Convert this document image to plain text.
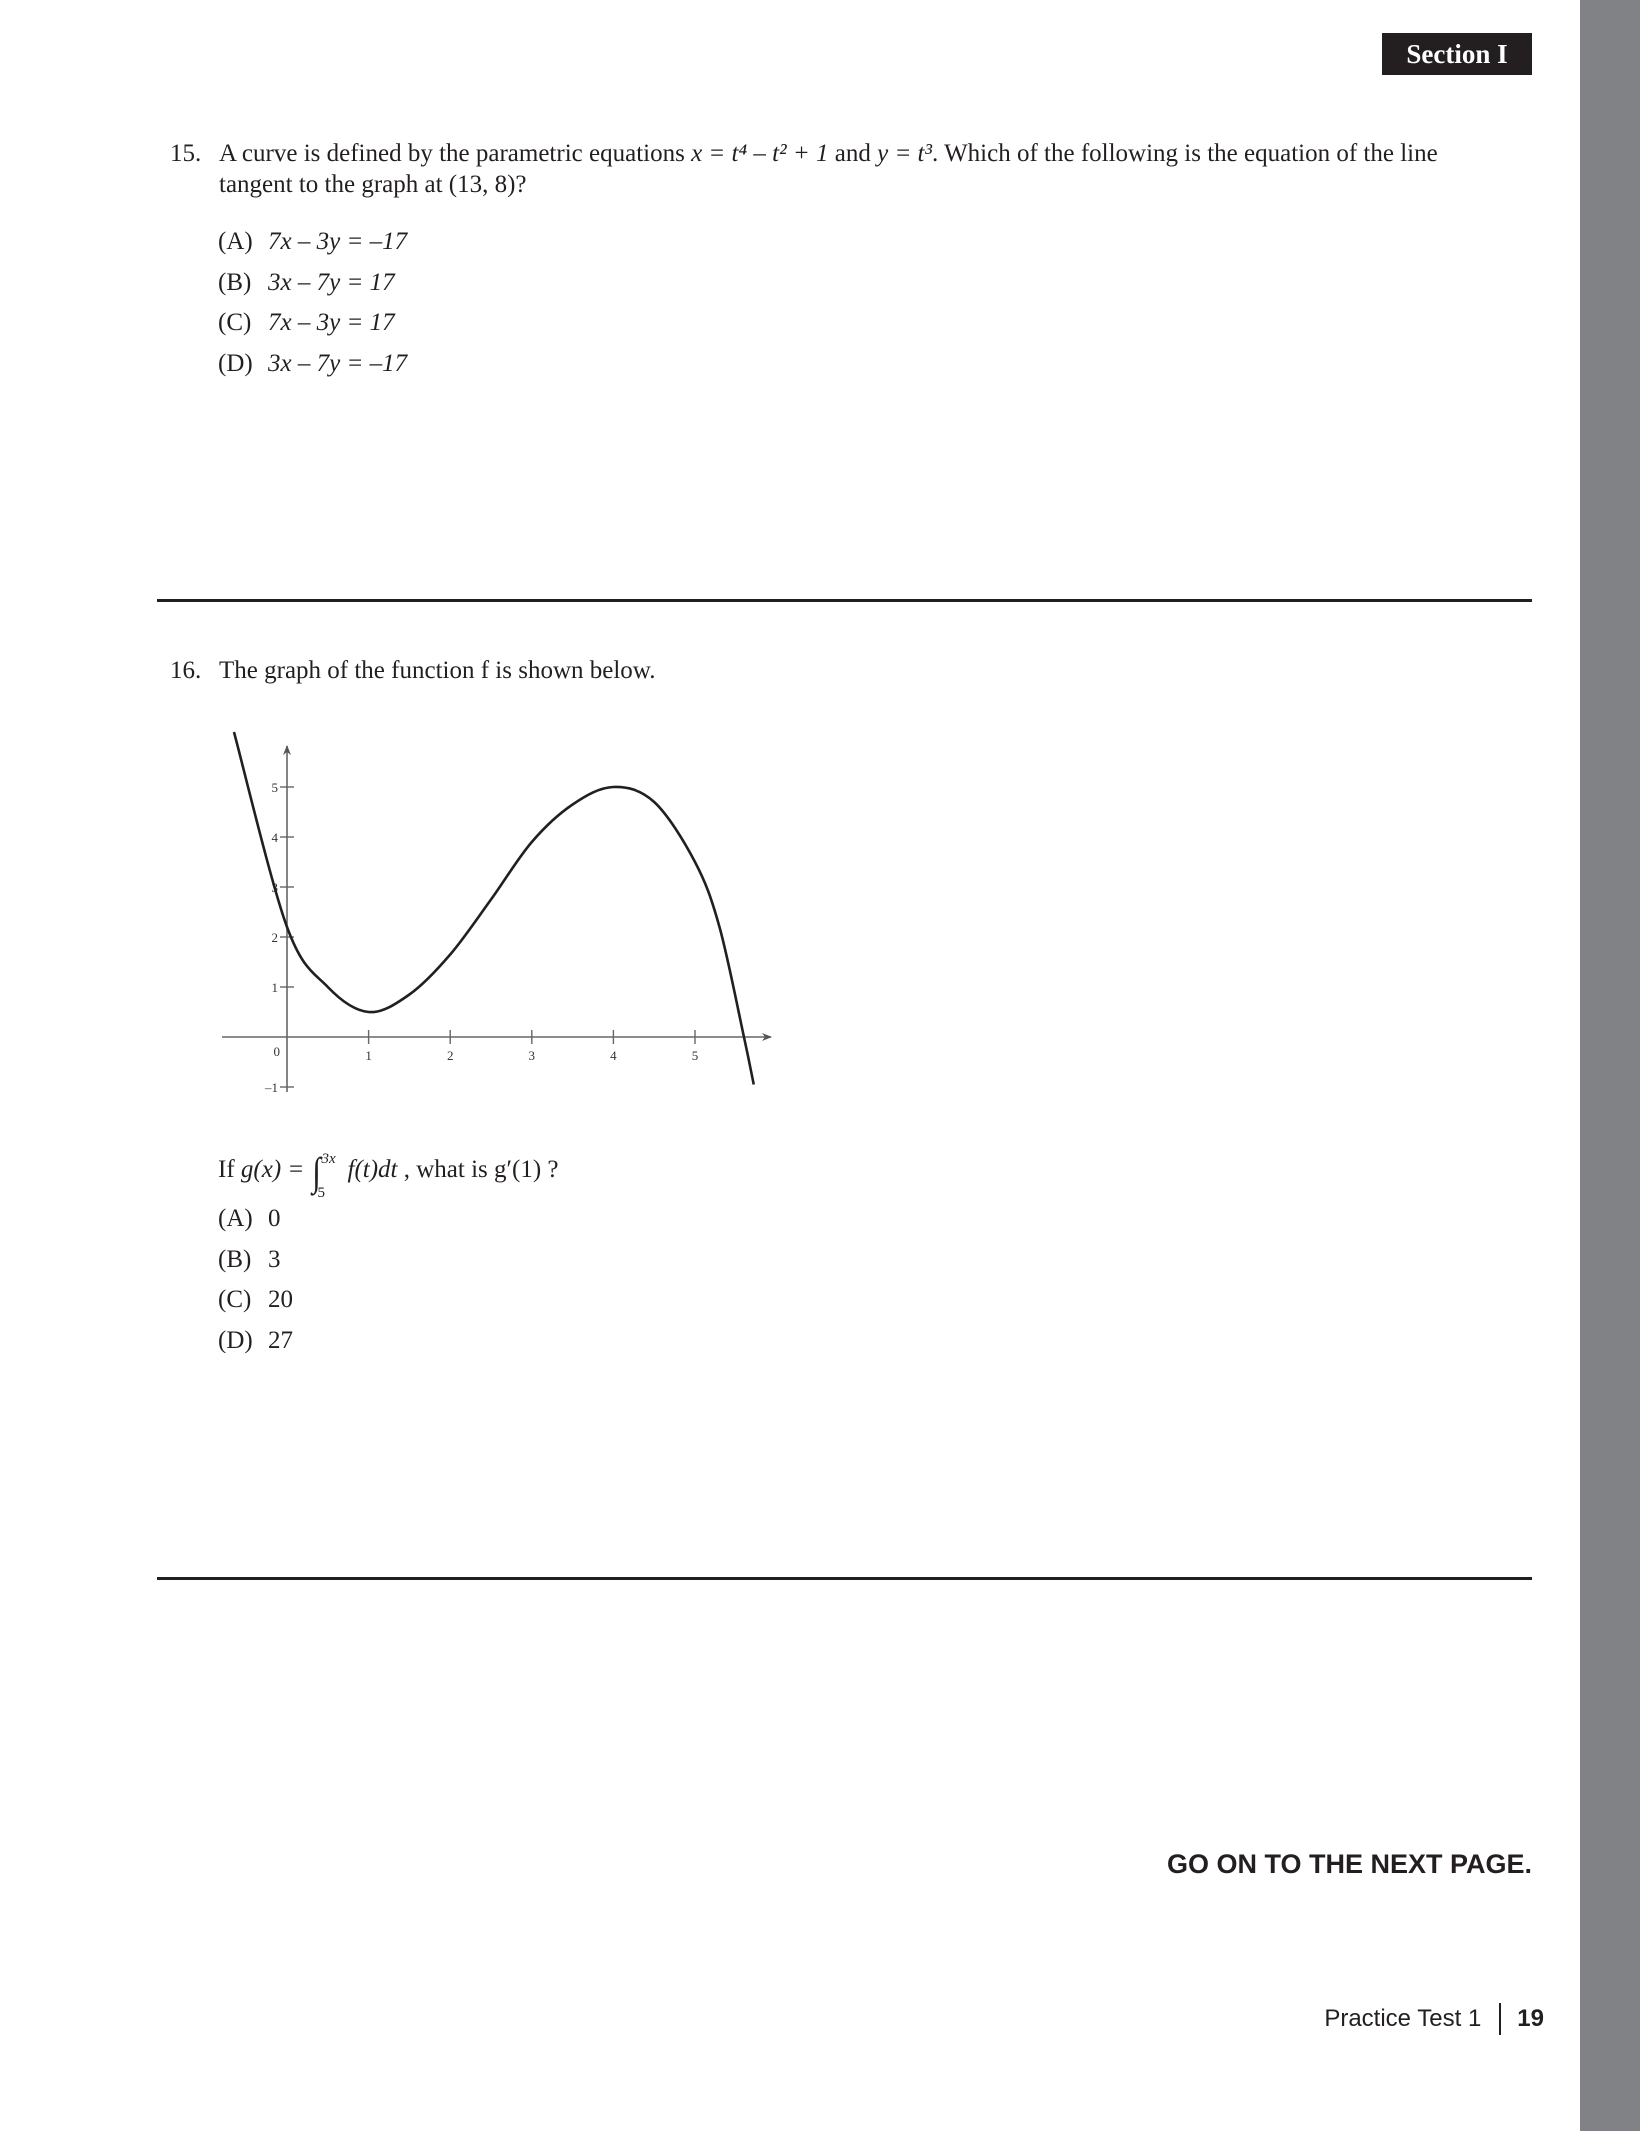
Section I
15. A curve is defined by the parametric equations x = t⁴ – t² + 1 and y = t³. Which of the following is the equation of the line
tangent to the graph at (13, 8)?
(A) 7x – 3y = –17
(B) 3x – 7y = 17
(C) 7x – 3y = 17
(D) 3x – 7y = –17
16. The graph of the function f is shown below.
1	2	3	4	5
–1
1
2
3
4
5
0
If g(x) = ∫ 3x
5
f(t)dt , what is g′(1) ?
(A) 0
(B) 3
(C) 20
(D) 27
GO ON TO THE NEXT PAGE.
Practice Test 1 19
